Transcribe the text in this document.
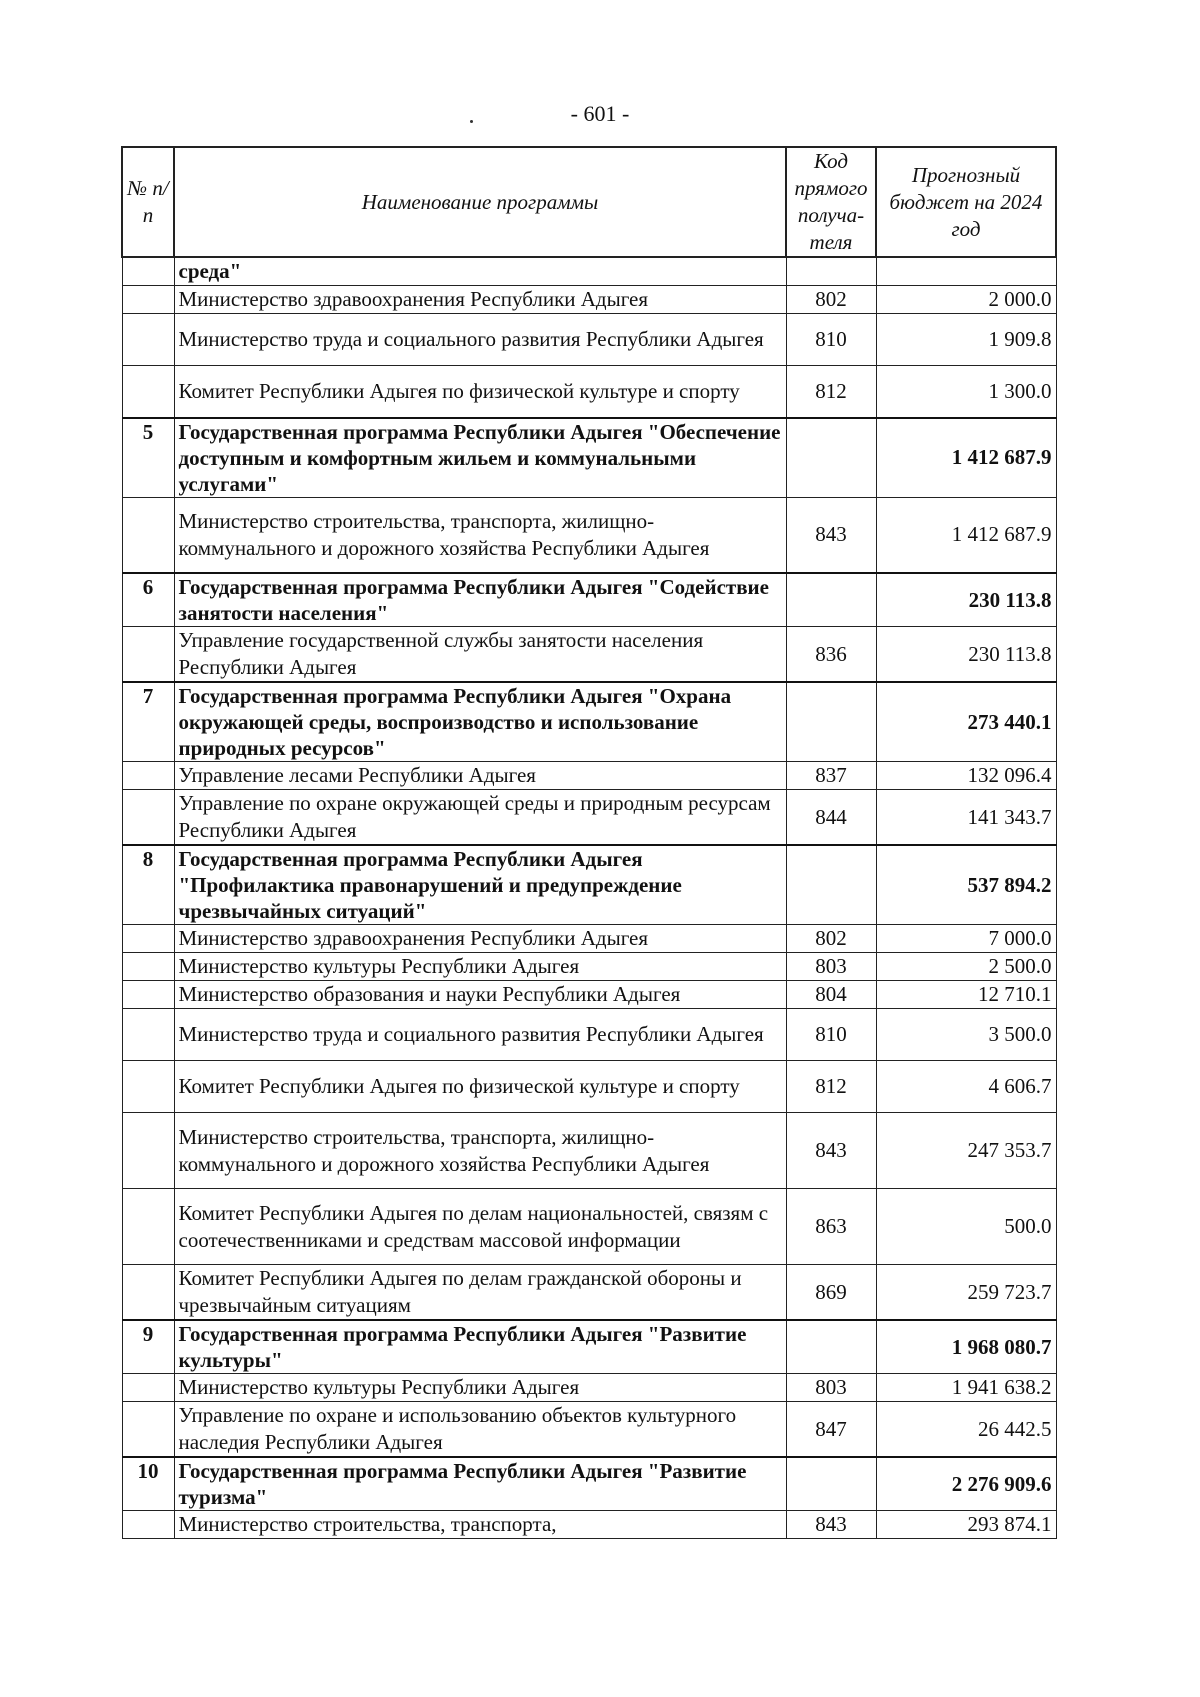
- 601 -
№ п/п	Наименование программы	Код прямого получа-теля	Прогнозный бюджет на 2024 год
	среда"		
	Министерство здравоохранения Республики Адыгея	802	2 000.0
	Министерство труда и социального развития Республики Адыгея	810	1 909.8
	Комитет Республики Адыгея по физической культуре и спорту	812	1 300.0
5	Государственная программа Республики Адыгея "Обеспечение доступным и комфортным жильем и коммунальными услугами"		1 412 687.9
	Министерство строительства, транспорта, жилищно-коммунального и дорожного хозяйства Республики Адыгея	843	1 412 687.9
6	Государственная программа Республики Адыгея "Содействие занятости населения"		230 113.8
	Управление государственной службы занятости населения Республики Адыгея	836	230 113.8
7	Государственная программа Республики Адыгея "Охрана окружающей среды, воспроизводство и использование природных ресурсов"		273 440.1
	Управление лесами Республики Адыгея	837	132 096.4
	Управление по охране окружающей среды и природным ресурсам Республики Адыгея	844	141 343.7
8	Государственная программа Республики Адыгея "Профилактика правонарушений и предупреждение чрезвычайных ситуаций"		537 894.2
	Министерство здравоохранения Республики Адыгея	802	7 000.0
	Министерство культуры Республики Адыгея	803	2 500.0
	Министерство образования и науки Республики Адыгея	804	12 710.1
	Министерство труда и социального развития Республики Адыгея	810	3 500.0
	Комитет Республики Адыгея по физической культуре и спорту	812	4 606.7
	Министерство строительства, транспорта, жилищно-коммунального и дорожного хозяйства Республики Адыгея	843	247 353.7
	Комитет Республики Адыгея по делам национальностей, связям с соотечественниками и средствам массовой информации	863	500.0
	Комитет Республики Адыгея по делам гражданской обороны и чрезвычайным ситуациям	869	259 723.7
9	Государственная программа Республики Адыгея "Развитие культуры"		1 968 080.7
	Министерство культуры Республики Адыгея	803	1 941 638.2
	Управление по охране и использованию объектов культурного наследия Республики Адыгея	847	26 442.5
10	Государственная программа Республики Адыгея "Развитие туризма"		2 276 909.6
	Министерство строительства, транспорта,	843	293 874.1
